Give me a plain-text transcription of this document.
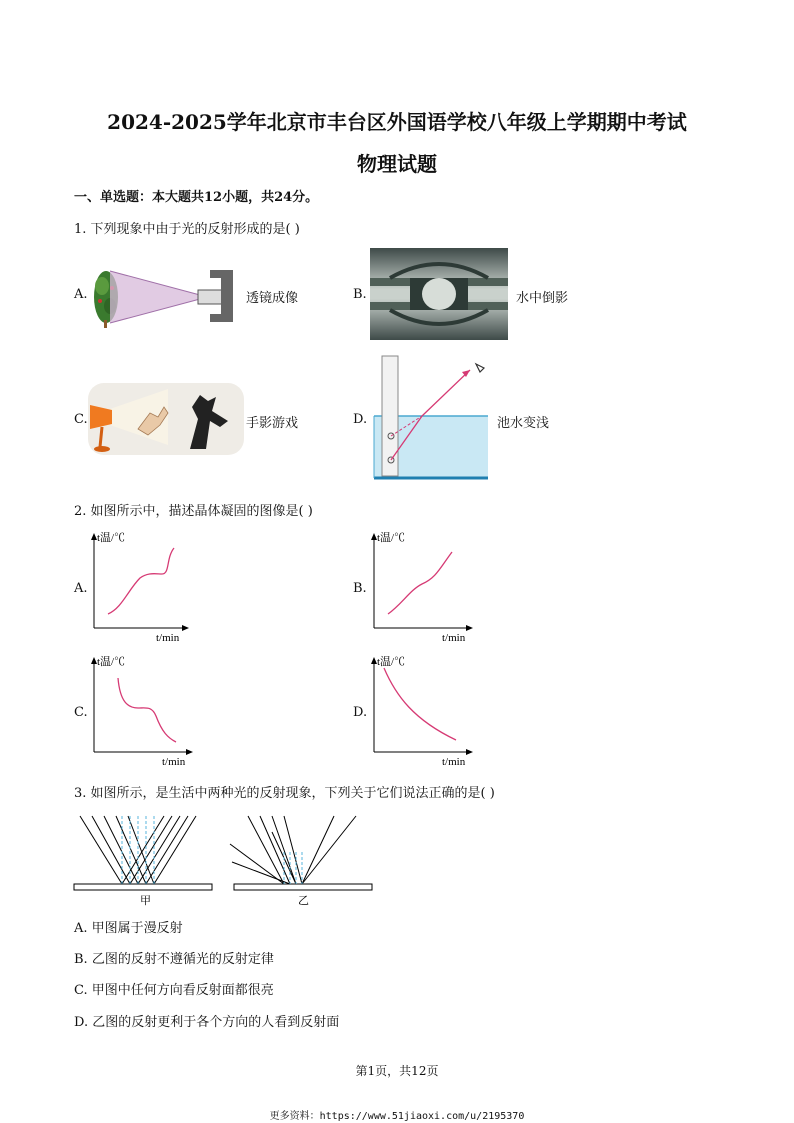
2024-2025学年北京市丰台区外国语学校八年级上学期期中考试
物理试题
一、单选题：本大题共12小题，共24分。
1. 下列现象中由于光的反射形成的是( )
A.	透镜成像	B.	水中倒影
C.	手影游戏	D.	池水变浅
2. 如图所示中，描述晶体凝固的图像是( )
A.	B.
C.	D.
t温/℃
t/min
t温/℃
t/min
t温/℃
t/min
t温/℃
t/min
3. 如图所示，是生活中两种光的反射现象，下列关于它们说法正确的是( )
甲	乙
A. 甲图属于漫反射
B. 乙图的反射不遵循光的反射定律
C. 甲图中任何方向看反射面都很亮
D. 乙图的反射更利于各个方向的人看到反射面
第1页，共12页
更多资料：https://www.51jiaoxi.com/u/2195370
